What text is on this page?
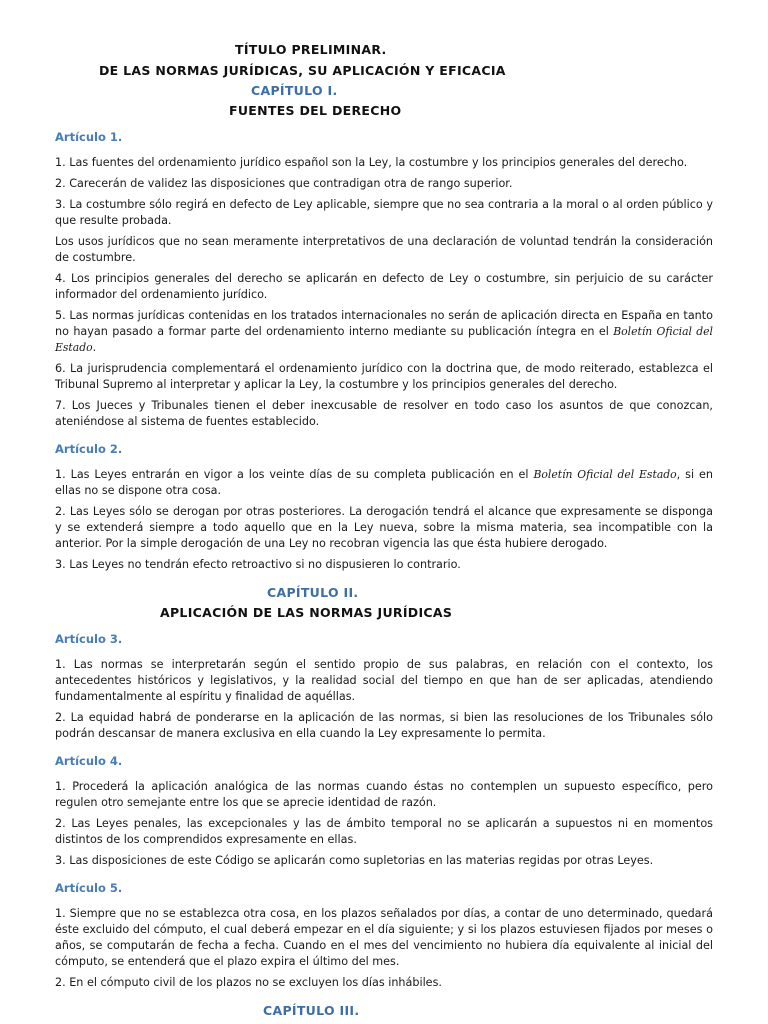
TÍTULO PRELIMINAR.
DE LAS NORMAS JURÍDICAS, SU APLICACIÓN Y EFICACIA
CAPÍTULO I.
FUENTES DEL DERECHO
Artículo 1.

1. Las fuentes del ordenamiento jurídico español son la Ley, la costumbre y los principios generales del derecho.

2. Carecerán de validez las disposiciones que contradigan otra de rango superior.

3. La costumbre sólo regirá en defecto de Ley aplicable, siempre que no sea contraria a la moral o al orden público y que resulte probada.

Los usos jurídicos que no sean meramente interpretativos de una declaración de voluntad tendrán la consideración de costumbre.

4. Los principios generales del derecho se aplicarán en defecto de Ley o costumbre, sin perjuicio de su carácter informador del ordenamiento jurídico.

5. Las normas jurídicas contenidas en los tratados internacionales no serán de aplicación directa en España en tanto no hayan pasado a formar parte del ordenamiento interno mediante su publicación íntegra en el Boletín Oficial del Estado.

6. La jurisprudencia complementará el ordenamiento jurídico con la doctrina que, de modo reiterado, establezca el Tribunal Supremo al interpretar y aplicar la Ley, la costumbre y los principios generales del derecho.

7. Los Jueces y Tribunales tienen el deber inexcusable de resolver en todo caso los asuntos de que conozcan, ateniéndose al sistema de fuentes establecido.

Artículo 2.

1. Las Leyes entrarán en vigor a los veinte días de su completa publicación en el Boletín Oficial del Estado, si en ellas no se dispone otra cosa.

2. Las Leyes sólo se derogan por otras posteriores. La derogación tendrá el alcance que expresamente se disponga y se extenderá siempre a todo aquello que en la Ley nueva, sobre la misma materia, sea incompatible con la anterior. Por la simple derogación de una Ley no recobran vigencia las que ésta hubiere derogado.

3. Las Leyes no tendrán efecto retroactivo si no dispusieren lo contrario.

CAPÍTULO II.
APLICACIÓN DE LAS NORMAS JURÍDICAS
Artículo 3.

1. Las normas se interpretarán según el sentido propio de sus palabras, en relación con el contexto, los antecedentes históricos y legislativos, y la realidad social del tiempo en que han de ser aplicadas, atendiendo fundamentalmente al espíritu y finalidad de aquéllas.

2. La equidad habrá de ponderarse en la aplicación de las normas, si bien las resoluciones de los Tribunales sólo podrán descansar de manera exclusiva en ella cuando la Ley expresamente lo permita.

Artículo 4.

1. Procederá la aplicación analógica de las normas cuando éstas no contemplen un supuesto específico, pero regulen otro semejante entre los que se aprecie identidad de razón.

2. Las Leyes penales, las excepcionales y las de ámbito temporal no se aplicarán a supuestos ni en momentos distintos de los comprendidos expresamente en ellas.

3. Las disposiciones de este Código se aplicarán como supletorias en las materias regidas por otras Leyes.

Artículo 5.

1. Siempre que no se establezca otra cosa, en los plazos señalados por días, a contar de uno determinado, quedará éste excluido del cómputo, el cual deberá empezar en el día siguiente; y si los plazos estuviesen fijados por meses o años, se computarán de fecha a fecha. Cuando en el mes del vencimiento no hubiera día equivalente al inicial del cómputo, se entenderá que el plazo expira el último del mes.

2. En el cómputo civil de los plazos no se excluyen los días inhábiles.

CAPÍTULO III.
